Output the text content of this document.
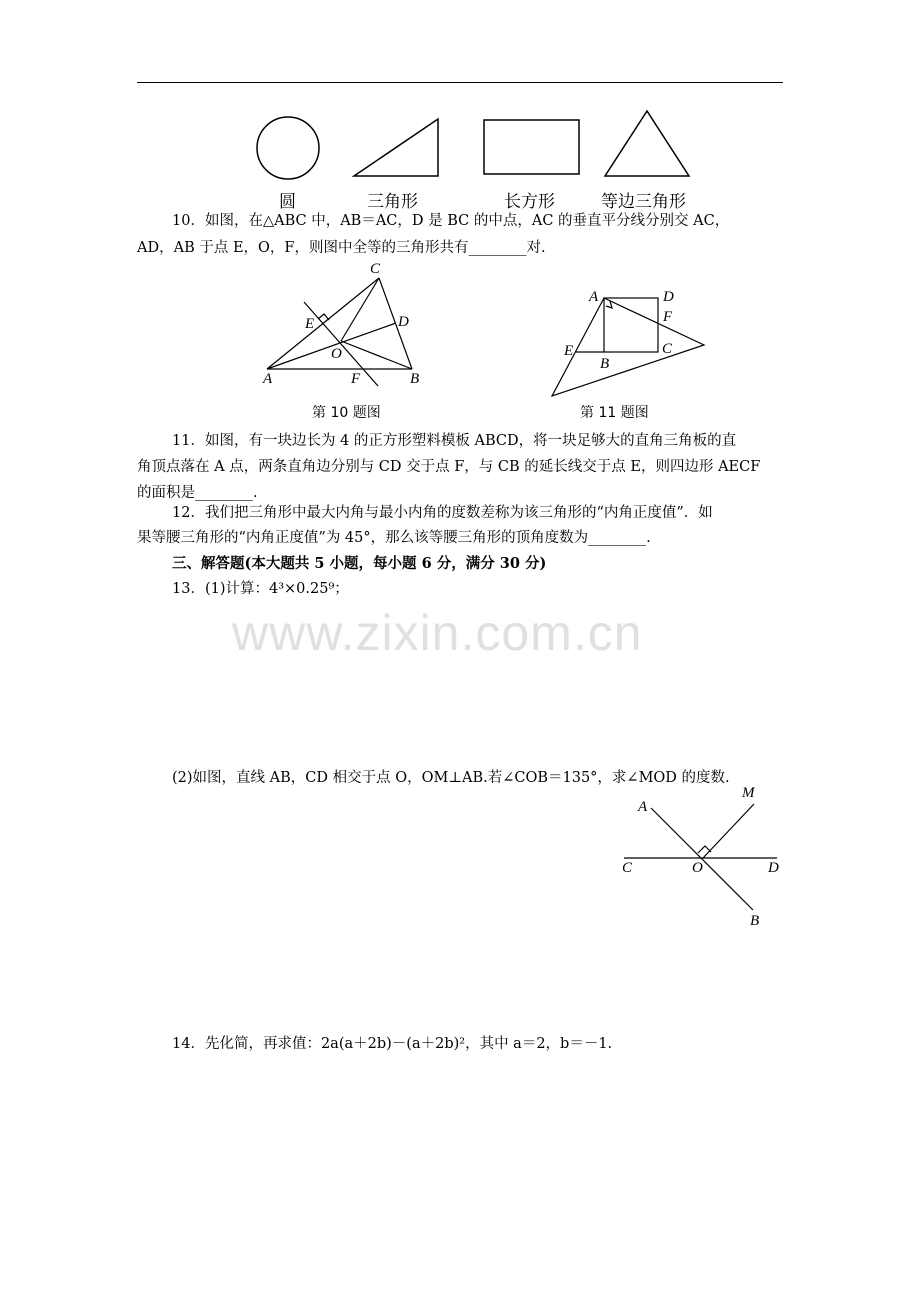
圆	三角形	长方形	等边三角形
10．如图，在△ABC 中，AB＝AC，D 是 BC 的中点，AC 的垂直平分线分别交 AC，
AD，AB 于点 E，O，F，则图中全等的三角形共有________对.
A	B
C
D
E
O
F
第 10 题图
A	D
F
E
B
C
第 11 题图
11．如图，有一块边长为 4 的正方形塑料模板 ABCD，将一块足够大的直角三角板的直
角顶点落在 A 点，两条直角边分别与 CD 交于点 F，与 CB 的延长线交于点 E，则四边形 AECF
的面积是________.
12．我们把三角形中最大内角与最小内角的度数差称为该三角形的“内角正度值”．如
果等腰三角形的“内角正度值”为 45°，那么该等腰三角形的顶角度数为________.
三、解答题(本大题共 5 小题，每小题 6 分，满分 30 分)
13．(1)计算：4³×0.25⁹；
www.zixin.com.cn
(2)如图，直线 AB，CD 相交于点 O，OM⊥AB.若∠COB＝135°，求∠MOD 的度数.
A
M
C	O	D
B
14．先化简，再求值：2a(a＋2b)－(a＋2b)²，其中 a＝2，b＝－1.
